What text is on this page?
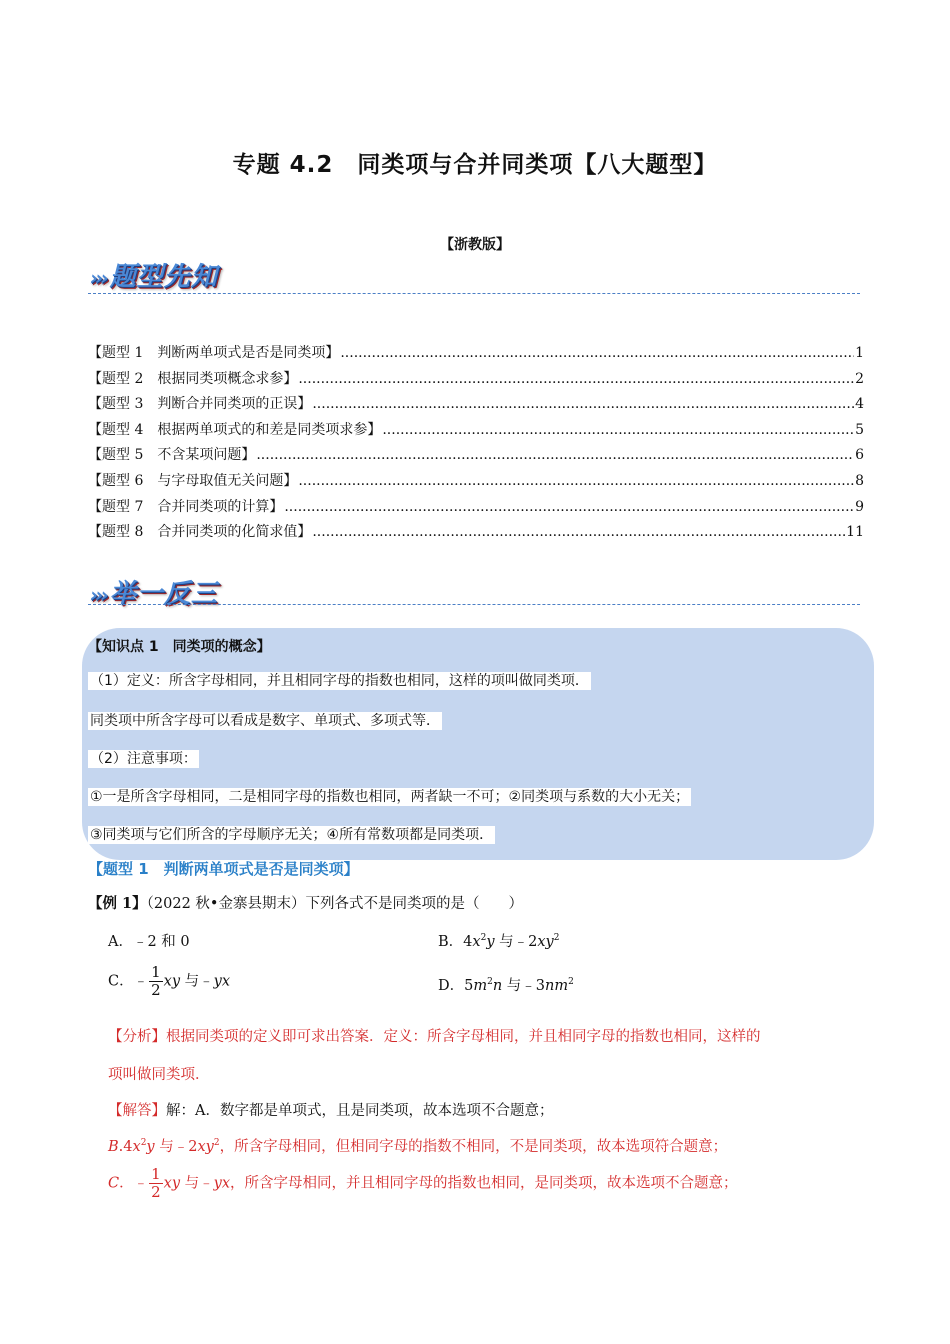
专题 4.2　同类项与合并同类项【八大题型】
【浙教版】
››› 题型先知
【题型 1　判断两单项式是否是同类项】 .....	1
【题型 2　根据同类项概念求参】 .....	2
【题型 3　判断合并同类项的正误】 .....	4
【题型 4　根据两单项式的和差是同类项求参】 .....	5
【题型 5　不含某项问题】 .....	6
【题型 6　与字母取值无关问题】 .....	8
【题型 7　合并同类项的计算】 .....	9
【题型 8　合并同类项的化简求值】 .....	11
››› 举一反三
【知识点 1　同类项的概念】
（1）定义：所含字母相同，并且相同字母的指数也相同，这样的项叫做同类项．
同类项中所含字母可以看成是数字、单项式、多项式等．
（2）注意事项：
①一是所含字母相同，二是相同字母的指数也相同，两者缺一不可；②同类项与系数的大小无关；
③同类项与它们所含的字母顺序无关；④所有常数项都是同类项．
【题型 1　判断两单项式是否是同类项】
【例 1】（2022 秋•金寨县期末）下列各式不是同类项的是（　　）
A．﹣2 和 0	B．$4x^2y$ 与$﹣2xy^2$
C．﹣ $\frac{1}{2}$ xy 与﹣yx	D．$5m^2n$ 与$﹣3nm^2$
【分析】根据同类项的定义即可求出答案．定义：所含字母相同，并且相同字母的指数也相同，这样的
项叫做同类项．
【解答】解：A．数字都是单项式，且是同类项，故本选项不合题意；
$B.4x^2y$ 与$﹣2xy^2$，所含字母相同，但相同字母的指数不相同，不是同类项，故本选项符合题意；
C．﹣ $\frac{1}{2}$ xy 与﹣yx，所含字母相同，并且相同字母的指数也相同，是同类项，故本选项不合题意；
